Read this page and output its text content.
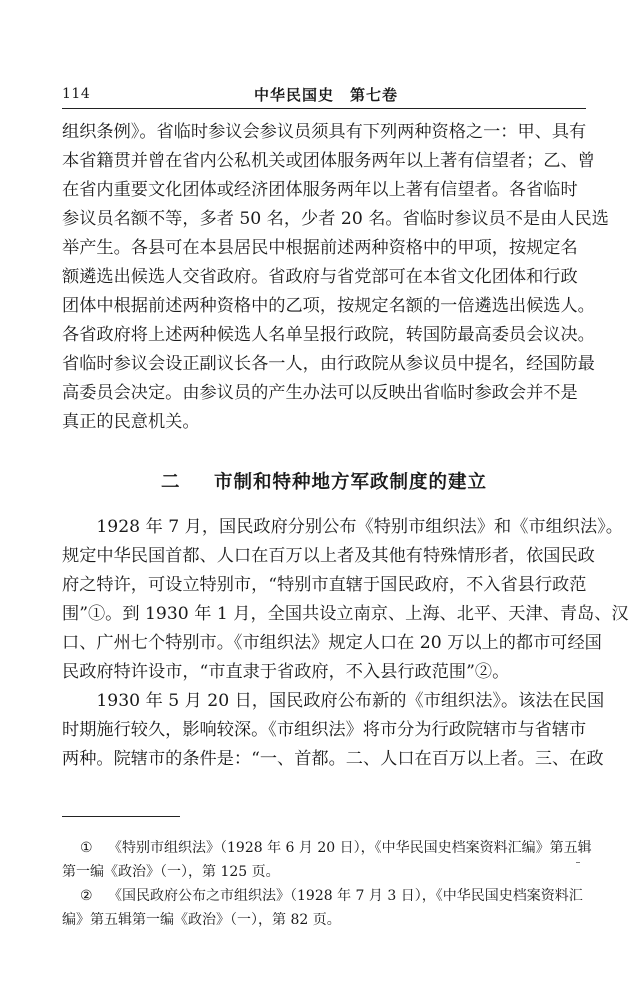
114	中华民国史　第七卷
组织条例》。省临时参议会参议员须具有下列两种资格之一：甲、具有
本省籍贯并曾在省内公私机关或团体服务两年以上著有信望者；乙、曾
在省内重要文化团体或经济团体服务两年以上著有信望者。各省临时
参议员名额不等，多者 50 名，少者 20 名。省临时参议员不是由人民选
举产生。各县可在本县居民中根据前述两种资格中的甲项，按规定名
额遴选出候选人交省政府。省政府与省党部可在本省文化团体和行政
团体中根据前述两种资格中的乙项，按规定名额的一倍遴选出候选人。
各省政府将上述两种候选人名单呈报行政院，转国防最高委员会议决。
省临时参议会设正副议长各一人，由行政院从参议员中提名，经国防最
高委员会决定。由参议员的产生办法可以反映出省临时参政会并不是
真正的民意机关。
二 市制和特种地方军政制度的建立
　　1928 年 7 月，国民政府分别公布《特别市组织法》和《市组织法》。
规定中华民国首都、人口在百万以上者及其他有特殊情形者，依国民政
府之特许，可设立特别市，“特别市直辖于国民政府，不入省县行政范
围”①。到 1930 年 1 月，全国共设立南京、上海、北平、天津、青岛、汉
口、广州七个特别市。《市组织法》规定人口在 20 万以上的都市可经国
民政府特许设市，“市直隶于省政府，不入县行政范围”②。
　　1930 年 5 月 20 日，国民政府公布新的《市组织法》。该法在民国
时期施行较久，影响较深。《市组织法》将市分为行政院辖市与省辖市
两种。院辖市的条件是：“一、首都。二、人口在百万以上者。三、在政
① 《特别市组织法》（1928 年 6 月 20 日），《中华民国史档案资料汇编》第五辑
第一编《政治》（一），第 125 页。
② 《国民政府公布之市组织法》（1928 年 7 月 3 日），《中华民国史档案资料汇
编》第五辑第一编《政治》（一），第 82 页。
